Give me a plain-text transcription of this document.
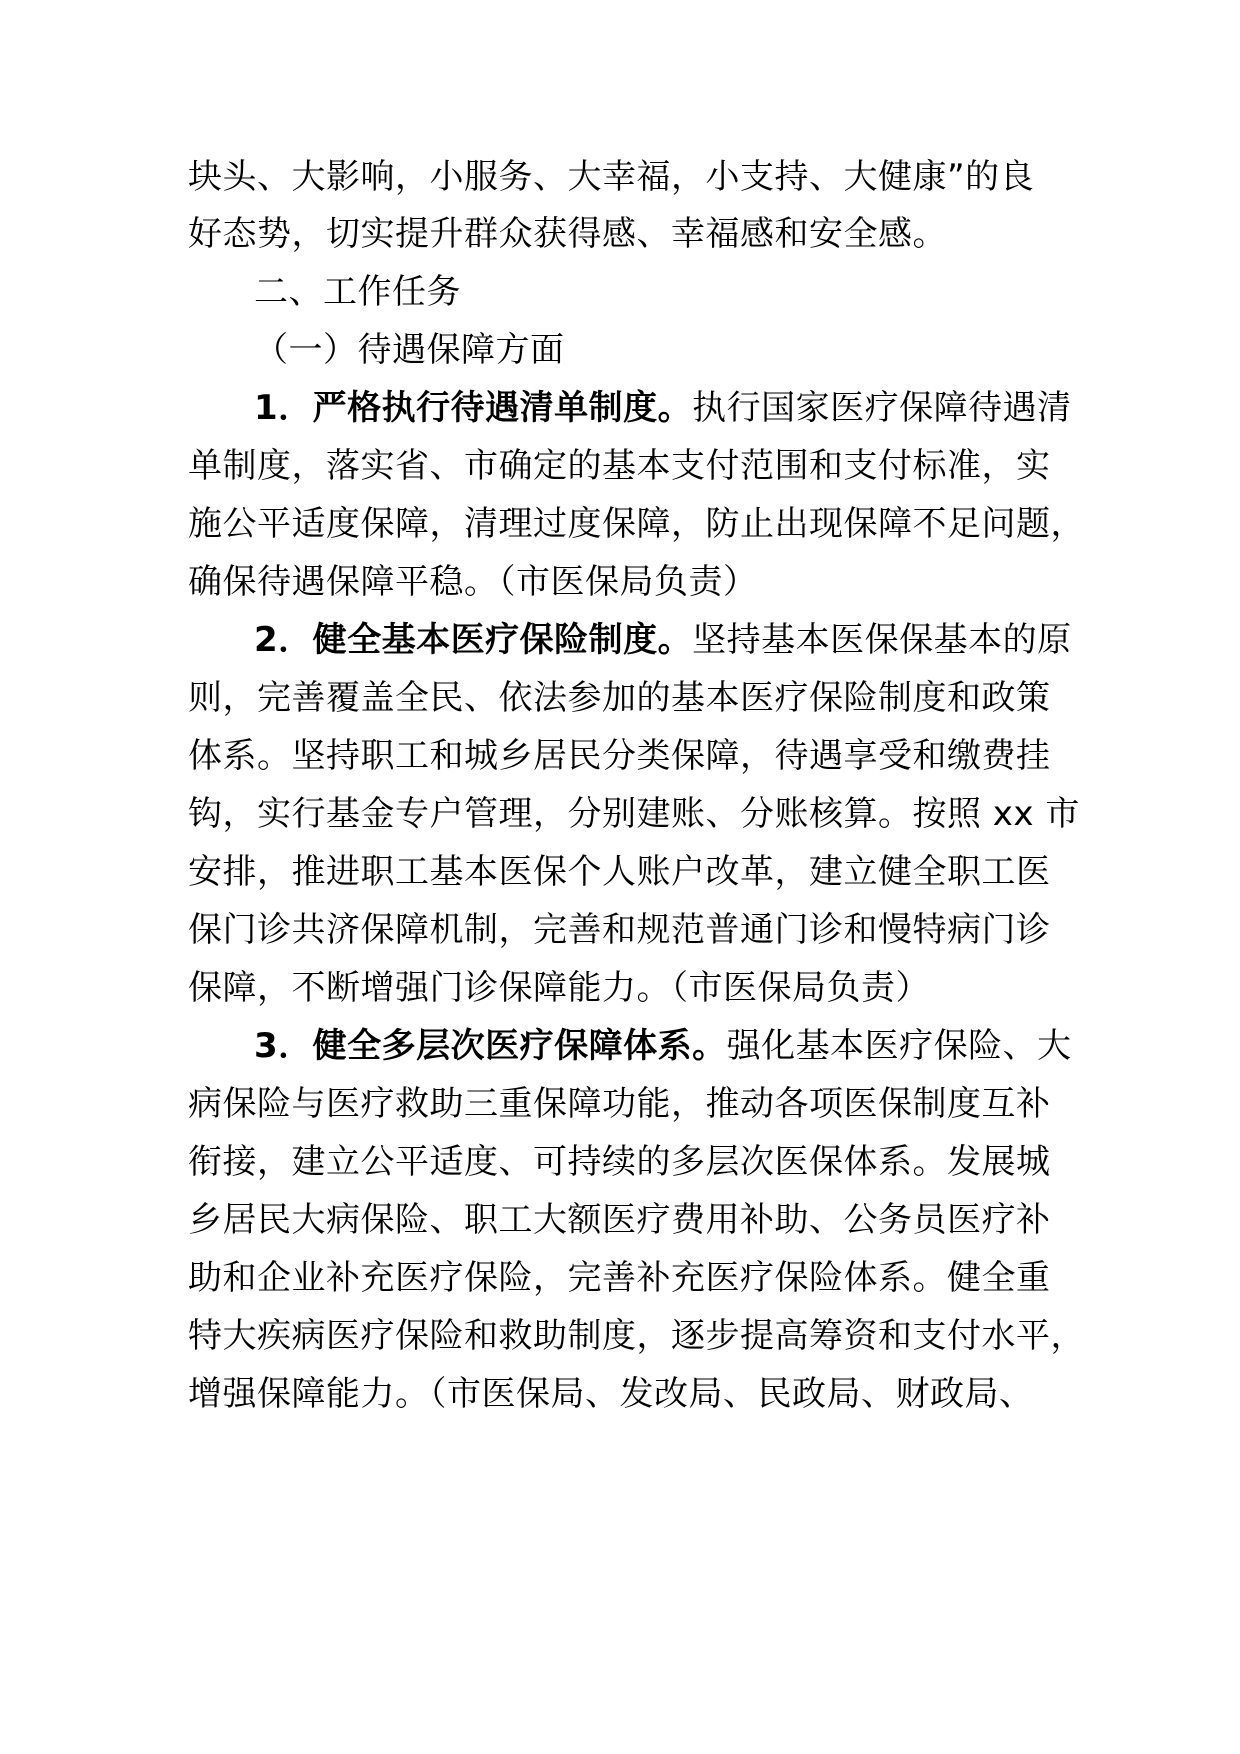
块头、大影响，小服务、大幸福，小支持、大健康”的良
好态势，切实提升群众获得感、幸福感和安全感。
二、工作任务
（一）待遇保障方面
1．严格执行待遇清单制度。执行国家医疗保障待遇清
单制度，落实省、市确定的基本支付范围和支付标准，实
施公平适度保障，清理过度保障，防止出现保障不足问题，
确保待遇保障平稳。（市医保局负责）
2．健全基本医疗保险制度。坚持基本医保保基本的原
则，完善覆盖全民、依法参加的基本医疗保险制度和政策
体系。坚持职工和城乡居民分类保障，待遇享受和缴费挂
钩，实行基金专户管理，分别建账、分账核算。按照 xx 市
安排，推进职工基本医保个人账户改革，建立健全职工医
保门诊共济保障机制，完善和规范普通门诊和慢特病门诊
保障，不断增强门诊保障能力。（市医保局负责）
3．健全多层次医疗保障体系。强化基本医疗保险、大
病保险与医疗救助三重保障功能，推动各项医保制度互补
衔接，建立公平适度、可持续的多层次医保体系。发展城
乡居民大病保险、职工大额医疗费用补助、公务员医疗补
助和企业补充医疗保险，完善补充医疗保险体系。健全重
特大疾病医疗保险和救助制度，逐步提高筹资和支付水平，
增强保障能力。（市医保局、发改局、民政局、财政局、
